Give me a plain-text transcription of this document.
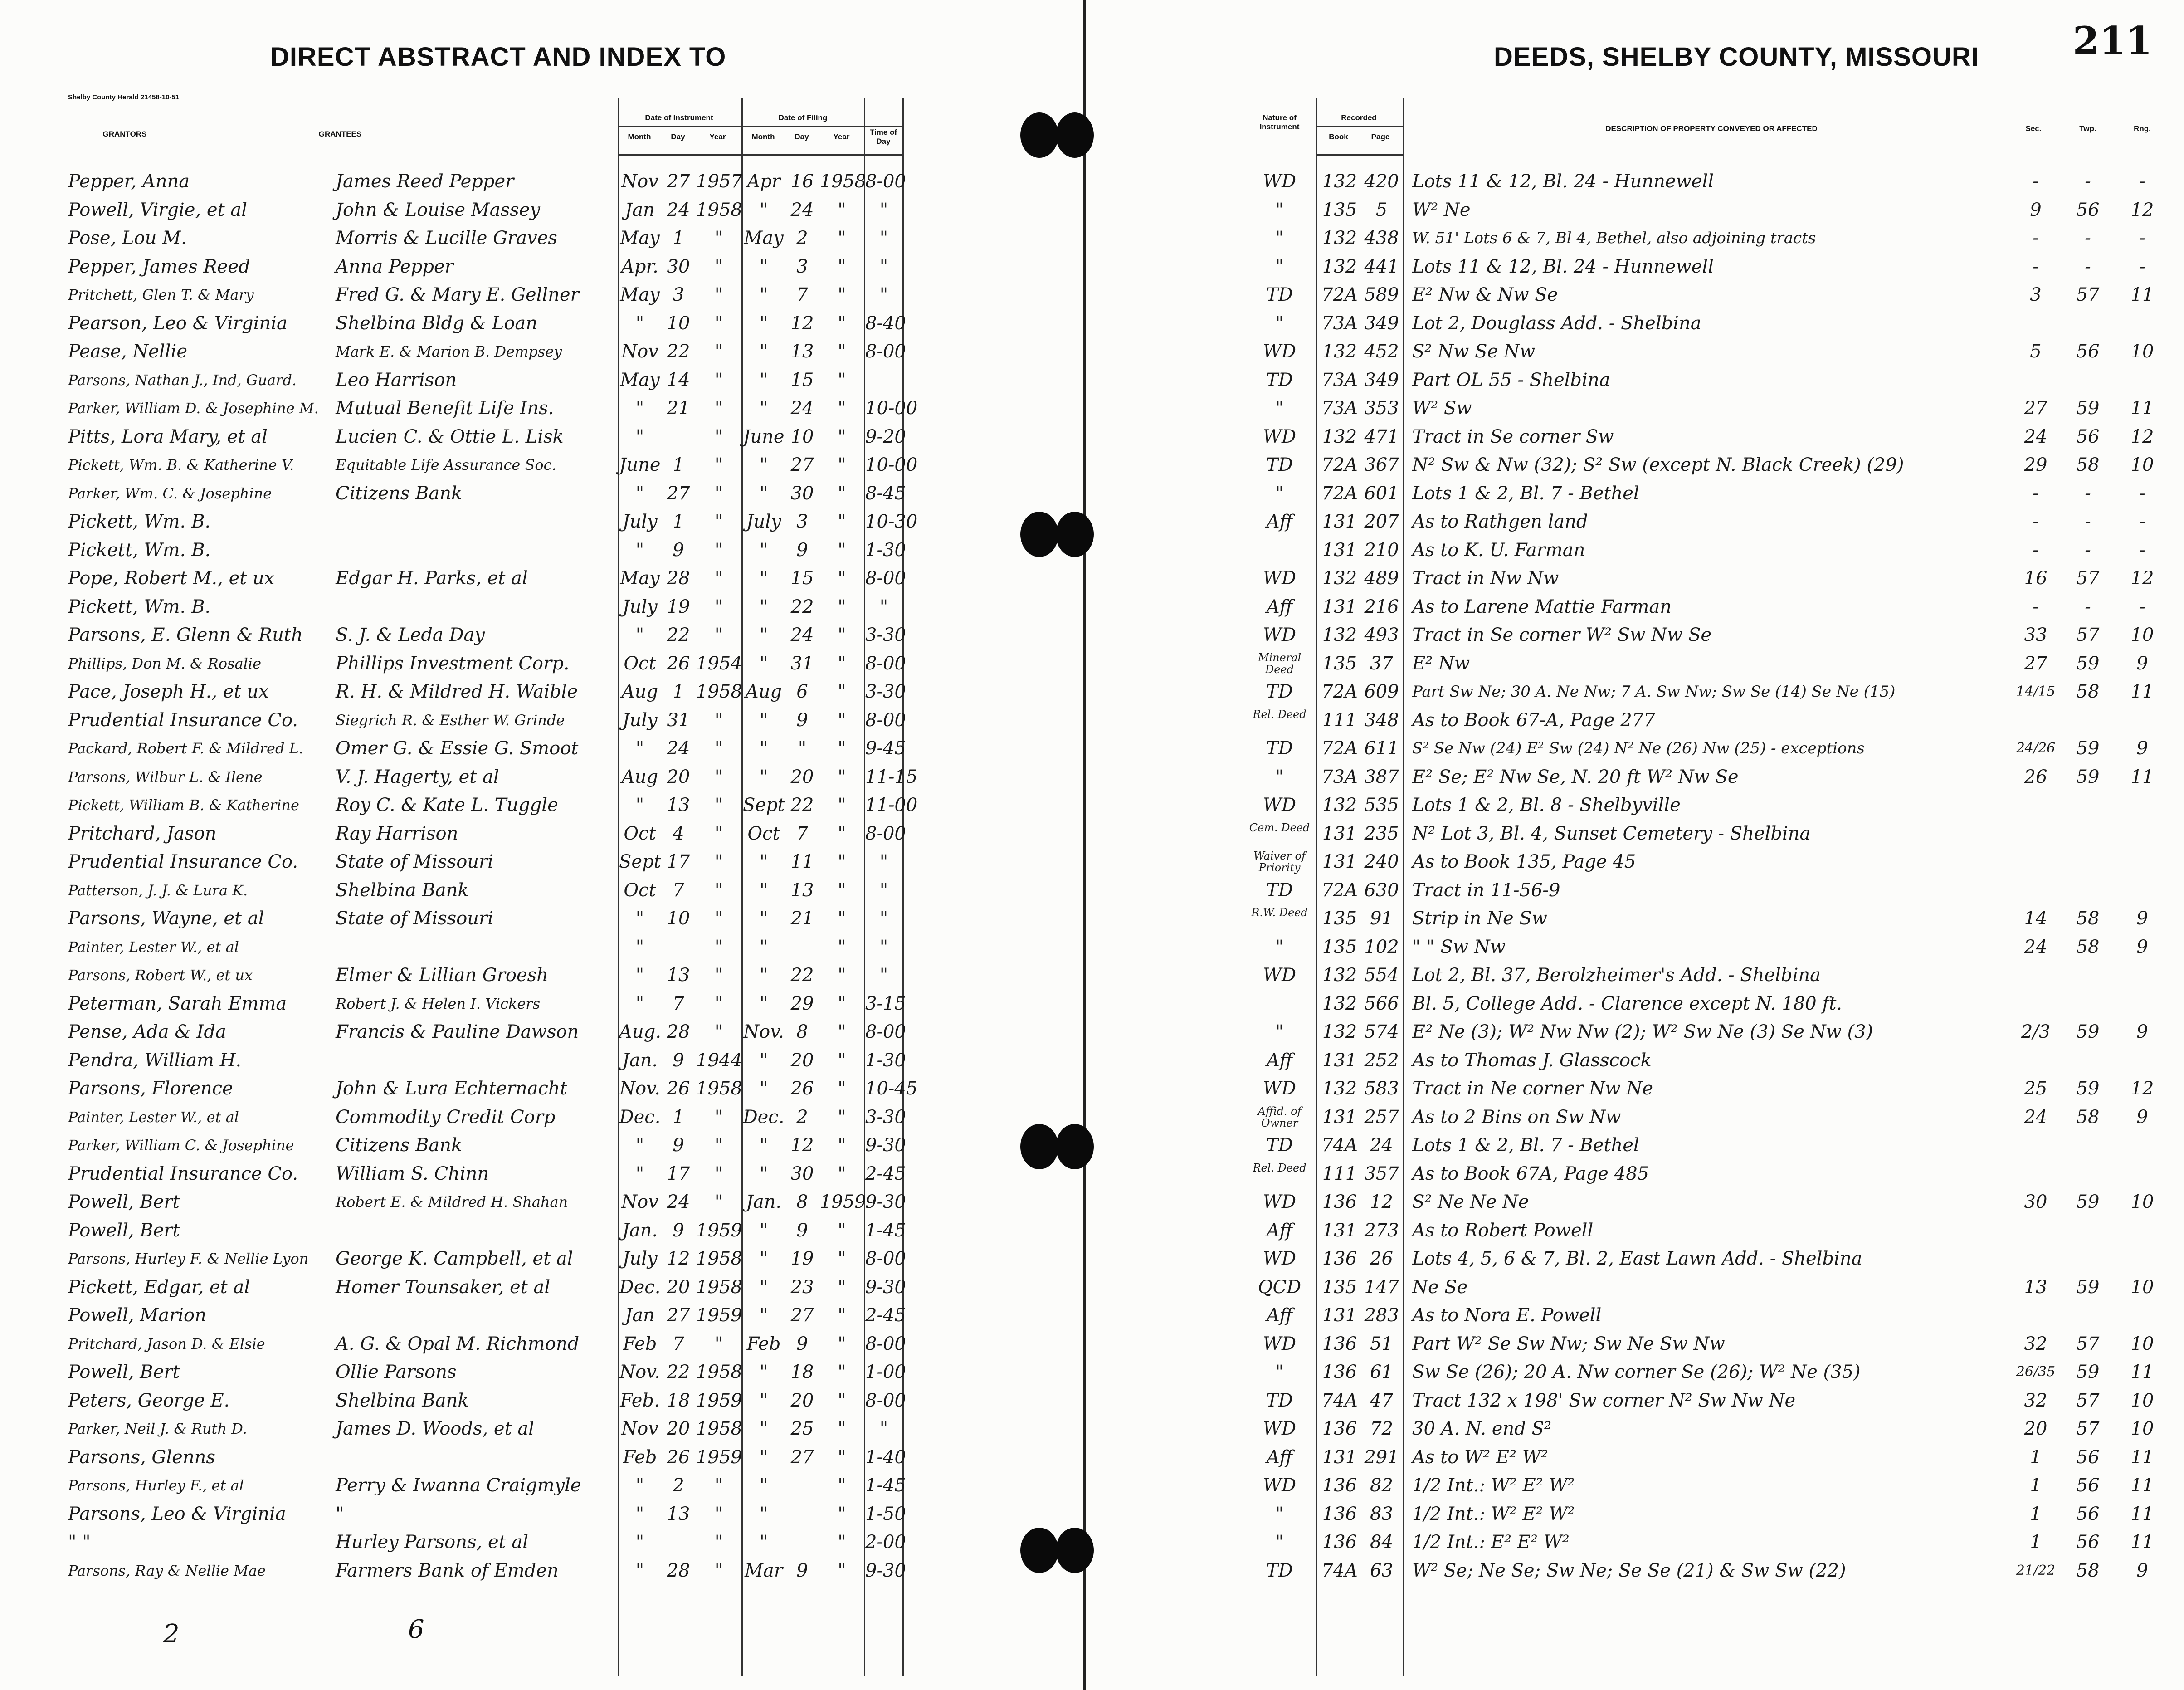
DIRECT ABSTRACT AND INDEX TO
Shelby County Herald 21458-10-51
GRANTORS	GRANTEES
Date of Instrument	Date of Filing
Month	Day	Year	Month	Day	Year
Time of Day
Pepper, Anna	James Reed Pepper	Nov 27 1957 Apr 16 1958
8-00
Powell, Virgie, et al	John & Louise Massey	Jan 24 1958 "	24	"	"
Pose, Lou M.	Morris & Lucille Graves	May 1	"	May 2	"	"
Pepper, James Reed	Anna Pepper	Apr. 30	"	"	3	"	"
Pritchett, Glen T. & Mary	Fred G. & Mary E. Gellner	May 3	"	"	7	"	"
Pearson, Leo & Virginia	Shelbina Bldg & Loan	"	10	"	"	12	"	8-40
Pease, Nellie	Mark E. & Marion B. Dempsey	Nov 22	"	"	13	"	8-00
Parsons, Nathan J., Ind, Guard.	Leo Harrison	May 14	"	"	15	"
Parker, William D. & Josephine M. Mutual Benefit Life Ins.	"	21	"	"	24	"	10-00
Pitts, Lora Mary, et al	Lucien C. & Ottie L. Lisk	"	"	June 10	"	9-20
Pickett, Wm. B. & Katherine V.	Equitable Life Assurance Soc.	June 1	"	"	27	"	10-00
Parker, Wm. C. & Josephine	Citizens Bank	"	27	"	"	30	"	8-45
Pickett, Wm. B.	July 1	"	July 3	"	10-30
Pickett, Wm. B.	"	9	"	"	9	"	1-30
Pope, Robert M., et ux	Edgar H. Parks, et al	May 28	"	"	15	"	8-00
Pickett, Wm. B.	July 19	"	"	22	"	"
Parsons, E. Glenn & Ruth	S. J. & Leda Day	"	22	"	"	24	"	3-30
Phillips, Don M. & Rosalie	Phillips Investment Corp.	Oct 26 1954 "	31	"	8-00
Pace, Joseph H., et ux	R. H. & Mildred H. Waible	Aug 1 1958 Aug 6	"	3-30
Prudential Insurance Co.	Siegrich R. & Esther W. Grinde	July 31	"	"	9	"	8-00
Packard, Robert F. & Mildred L.	Omer G. & Essie G. Smoot	"	24	"	"	"	"	9-45
Parsons, Wilbur L. & Ilene	V. J. Hagerty, et al	Aug 20	"	"	20	"	11-15
Pickett, William B. & Katherine	Roy C. & Kate L. Tuggle	"	13	"	Sept 22	"	11-00
Pritchard, Jason	Ray Harrison	Oct 4	"	Oct 7	"	8-00
Prudential Insurance Co.	State of Missouri	Sept 17	"	"	11	"	"
Patterson, J. J. & Lura K.	Shelbina Bank	Oct 7	"	"	13	"	"
Parsons, Wayne, et al	State of Missouri	"	10	"	"	21	"	"
Painter, Lester W., et al	"	"	"	"	"
Parsons, Robert W., et ux	Elmer & Lillian Groesh	"	13	"	"	22	"	"
Peterman, Sarah Emma	Robert J. & Helen I. Vickers	"	7	"	"	29	"	3-15
Pense, Ada & Ida	Francis & Pauline Dawson	Aug. 28	"	Nov. 8	"	8-00
Pendra, William H.	Jan. 9 1944 "	20	"	1-30
Parsons, Florence	John & Lura Echternacht	Nov. 26 1958 "	26	"	10-45
Painter, Lester W., et al	Commodity Credit Corp	Dec. 1	"	Dec. 2	"	3-30
Parker, William C. & Josephine	Citizens Bank	"	9	"	"	12	"	9-30
Prudential Insurance Co.	William S. Chinn	"	17	"	"	30	"	2-45
Powell, Bert	Robert E. & Mildred H. Shahan	Nov 24	"	Jan. 8 1959
9-30
Powell, Bert	Jan. 9 1959 "	9	"	1-45
Parsons, Hurley F. & Nellie Lyon	George K. Campbell, et al	July 12 1958 "	19	"	8-00
Pickett, Edgar, et al	Homer Tounsaker, et al	Dec. 20 1958 "	23	"	9-30
Powell, Marion	Jan 27 1959 "	27	"	2-45
Pritchard, Jason D. & Elsie	A. G. & Opal M. Richmond	Feb 7	"	Feb 9	"	8-00
Powell, Bert	Ollie Parsons	Nov. 22 1958 "	18	"	1-00
Peters, George E.	Shelbina Bank	Feb. 18 1959 "	20	"	8-00
Parker, Neil J. & Ruth D.	James D. Woods, et al	Nov 20 1958 "	25	"	"
Parsons, Glenns	Feb 26 1959 "	27	"	1-40
Parsons, Hurley F., et al	Perry & Iwanna Craigmyle	"	2	"	"	"	1-45
Parsons, Leo & Virginia	"	"	13	"	"	"	1-50
" "	Hurley Parsons, et al	"	"	"	"	2-00
Parsons, Ray & Nellie Mae	Farmers Bank of Emden	"	28	"	Mar 9	"	9-30
2	6
DEEDS, SHELBY COUNTY, MISSOURI 211
Nature of Instrument
Recorded
Book	Page
DESCRIPTION OF PROPERTY CONVEYED OR AFFECTED	Sec.	Twp.	Rng.
WD	132 420 Lots 11 & 12, Bl. 24 - Hunnewell	-	-	-
"	135	5	W² Ne	9	56	12
"	132 438 W. 51' Lots 6 & 7, Bl 4, Bethel, also adjoining tracts	-	-	-
"	132 441 Lots 11 & 12, Bl. 24 - Hunnewell	-	-	-
TD	72A 589 E² Nw & Nw Se	3	57	11
"	73A 349 Lot 2, Douglass Add. - Shelbina
WD	132 452 S² Nw Se Nw	5	56	10
TD	73A 349 Part OL 55 - Shelbina
"	73A 353 W² Sw	27	59	11
WD	132 471 Tract in Se corner Sw	24	56	12
TD	72A 367 N² Sw & Nw (32); S² Sw (except N. Black Creek) (29)	29	58	10
"	72A 601 Lots 1 & 2, Bl. 7 - Bethel	-	-	-
Aff	131 207 As to Rathgen land	-	-	-
131 210 As to K. U. Farman	-	-	-
WD	132 489 Tract in Nw Nw	16	57	12
Aff	131 216 As to Larene Mattie Farman	-	-	-
WD	132 493 Tract in Se corner W² Sw Nw Se	33	57	10
Mineral Deed	135 37	E² Nw	27	59	9
TD	72A 609 Part Sw Ne; 30 A. Ne Nw; 7 A. Sw Nw; Sw Se (14) Se Ne (15)	14/15	58	11
Rel. Deed 111 348 As to Book 67-A, Page 277
TD	72A 611 S² Se Nw (24) E² Sw (24) N² Ne (26) Nw (25) - exceptions	24/26	59	9
"	73A 387 E² Se; E² Nw Se, N. 20 ft W² Nw Se	26	59	11
WD	132 535 Lots 1 & 2, Bl. 8 - Shelbyville
Cem. Deed 131 235 N² Lot 3, Bl. 4, Sunset Cemetery - Shelbina
Waiver of Priority	131 240 As to Book 135, Page 45
TD	72A 630 Tract in 11-56-9
R.W. Deed 135 91	Strip in Ne Sw	14	58	9
"	135 102 " " Sw Nw	24	58	9
WD	132 554 Lot 2, Bl. 37, Berolzheimer's Add. - Shelbina
132 566 Bl. 5, College Add. - Clarence except N. 180 ft.
"	132 574 E² Ne (3); W² Nw Nw (2); W² Sw Ne (3) Se Nw (3)	2/3	59	9
Aff	131 252 As to Thomas J. Glasscock
WD	132 583 Tract in Ne corner Nw Ne	25	59	12
Affid. of Owner	131 257 As to 2 Bins on Sw Nw	24	58	9
TD	74A 24	Lots 1 & 2, Bl. 7 - Bethel
Rel. Deed 111 357 As to Book 67A, Page 485
WD	136 12	S² Ne Ne Ne	30	59	10
Aff	131 273 As to Robert Powell
WD	136 26	Lots 4, 5, 6 & 7, Bl. 2, East Lawn Add. - Shelbina
QCD	135 147 Ne Se	13	59	10
Aff	131 283 As to Nora E. Powell
WD	136 51	Part W² Se Sw Nw; Sw Ne Sw Nw	32	57	10
"	136 61	Sw Se (26); 20 A. Nw corner Se (26); W² Ne (35)	26/35	59	11
TD	74A 47	Tract 132 x 198' Sw corner N² Sw Nw Ne	32	57	10
WD	136 72	30 A. N. end S²	20	57	10
Aff	131 291 As to W² E² W²	1	56	11
WD	136 82	1/2 Int.: W² E² W²	1	56	11
"	136 83	1/2 Int.: W² E² W²	1	56	11
"	136 84	1/2 Int.: E² E² W²	1	56	11
TD	74A 63	W² Se; Ne Se; Sw Ne; Se Se (21) & Sw Sw (22)	21/22	58	9
